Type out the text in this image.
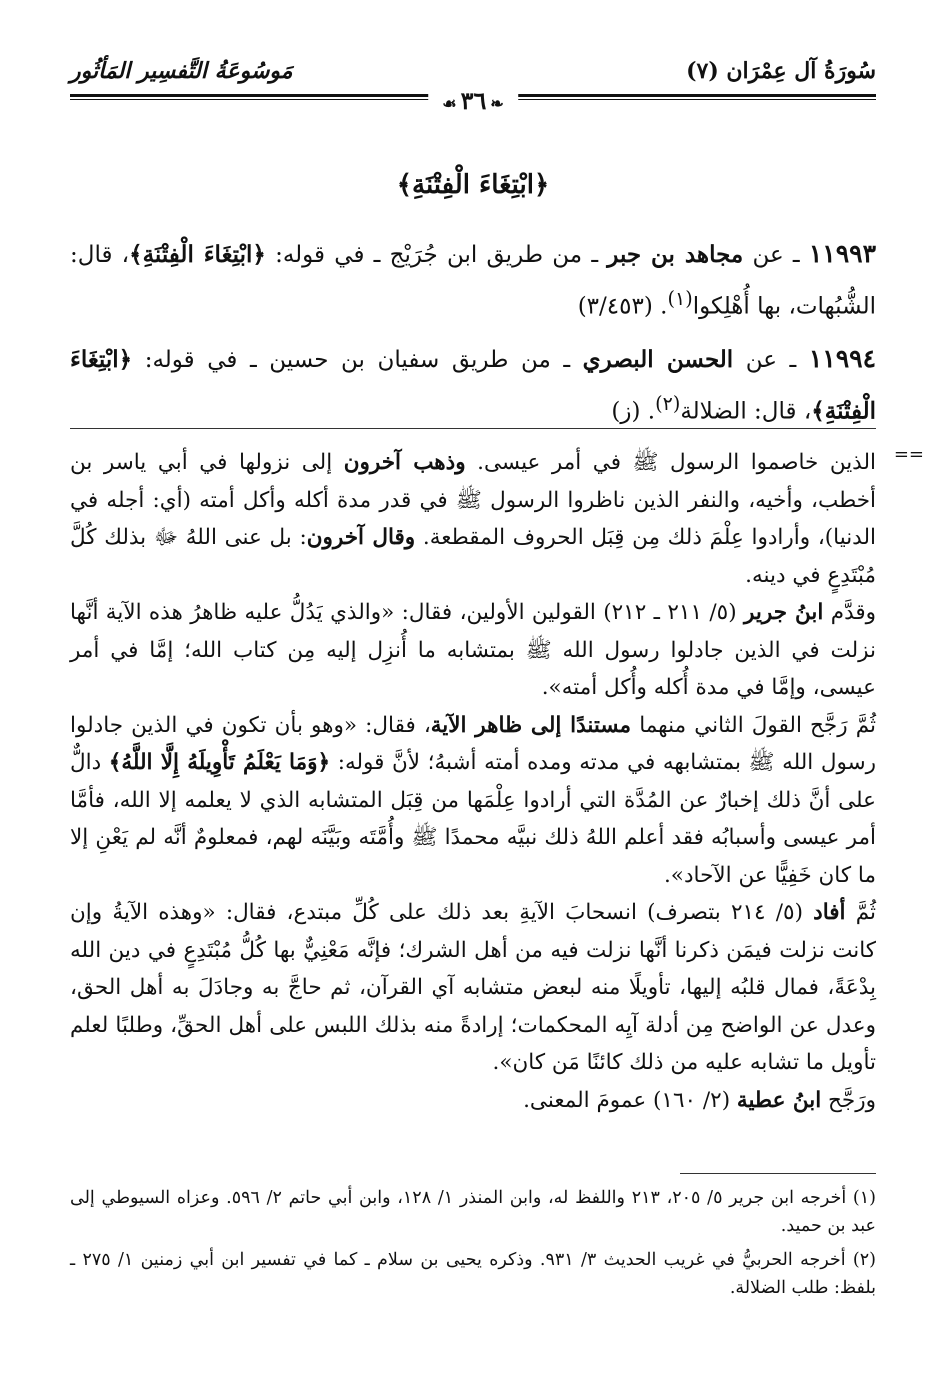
سُورَةُ آل عِمْرَان (٧)
مَوسُوعَةُ التَّفسِير المَأثُور
❧٣٦☙
﴿ابْتِغَاءَ الْفِتْنَةِ﴾

١١٩٩٣ ـ عن مجاهد بن جبر ـ من طريق ابن جُرَيْج ـ في قوله: ﴿ابْتِغَاءَ الْفِتْنَةِ﴾، قال: الشُّبُهات، بها أُهْلِكوا$^{(١)}$. (٣/٤٥٣)

١١٩٩٤ ـ عن الحسن البصري ـ من طريق سفيان بن حسين ـ في قوله: ﴿ابْتِغَاءَ الْفِتْنَةِ﴾، قال: الضلالة$^{(٢)}$. (ز)

==

الذين خاصموا الرسول ﷺ في أمر عيسى. وذهب آخرون إلى نزولها في أبي ياسر بن أخطب، وأخيه، والنفر الذين ناظروا الرسول ﷺ في قدر مدة أكله وأكل أمته (أي: أجله في الدنيا)، وأرادوا عِلْمَ ذلك مِن قِبَل الحروف المقطعة. وقال آخرون: بل عنى اللهُ ﷻ بذلك كُلَّ مُبْتَدِعٍ في دينه.

وقدَّم ابنُ جرير (٥/ ٢١١ ـ ٢١٢) القولين الأولين، فقال: «والذي يَدُلُّ عليه ظاهرُ هذه الآية أنَّها نزلت في الذين جادلوا رسول الله ﷺ بمتشابه ما أُنزِل إليه مِن كتاب الله؛ إمَّا في أمر عيسى، وإمَّا في مدة أُكله وأُكل أمته».

ثُمَّ رَجَّح القولَ الثاني منهما مستندًا إلى ظاهر الآية، فقال: «وهو بأن تكون في الذين جادلوا رسول الله ﷺ بمتشابهه في مدته ومده أمته أشبهُ؛ لأنَّ قوله: ﴿وَمَا يَعْلَمُ تَأْوِيلَهُ إِلَّا اللَّهُ﴾ دالٌّ على أنَّ ذلك إخبارٌ عن المُدَّة التي أرادوا عِلْمَها من قِبَل المتشابه الذي لا يعلمه إلا الله، فأمَّا أمر عيسى وأسبابُه فقد أعلم اللهُ ذلك نبيَّه محمدًا ﷺ وأُمَّتَه وبَيَّنَه لهم، فمعلومٌ أنَّه لم يَعْنِ إلا ما كان خَفِيًّا عن الآحاد».

ثُمَّ أفاد (٥/ ٢١٤ بتصرف) انسحابَ الآيةِ بعد ذلك على كُلِّ مبتدع، فقال: «وهذه الآيةُ وإن كانت نزلت فيمَن ذكرنا أنَّها نزلت فيه من أهل الشرك؛ فإنَّه مَعْنِيٌّ بها كُلُّ مُبْتَدِعٍ في دين الله بِدْعَةً، فمال قلبُه إليها، تأويلًا منه لبعض متشابه آي القرآن، ثم حاجَّ به وجادَلَ به أهل الحق، وعدل عن الواضح مِن أدلة آيِه المحكمات؛ إرادةً منه بذلك اللبس على أهل الحقِّ، وطلبًا لعلم تأويل ما تشابه عليه من ذلك كائنًا مَن كان».

ورَجَّح ابنُ عطية (٢/ ١٦٠) عمومَ المعنى.

(١) أخرجه ابن جرير ٥/ ٢٠٥، ٢١٣ واللفظ له، وابن المنذر ١/ ١٢٨، وابن أبي حاتم ٢/ ٥٩٦. وعزاه السيوطي إلى عبد بن حميد.

(٢) أخرجه الحربيُّ في غريب الحديث ٣/ ٩٣١. وذكره يحيى بن سلام ـ كما في تفسير ابن أبي زمنين ١/ ٢٧٥ ـ بلفظ: طلب الضلالة.
